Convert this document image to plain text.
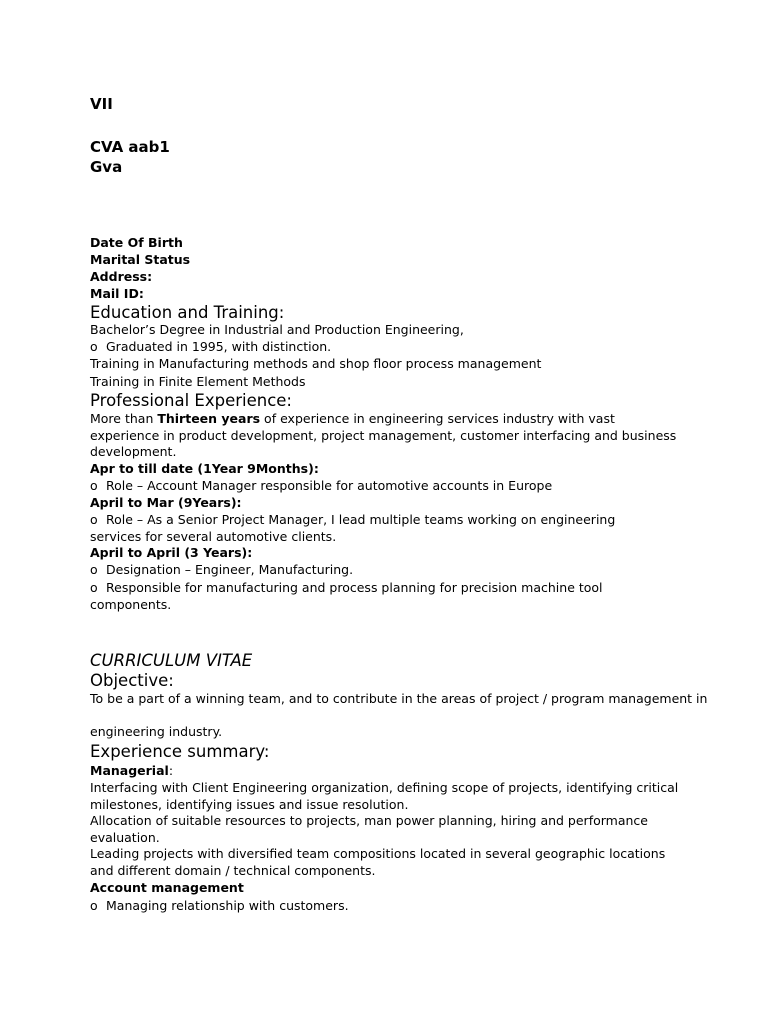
VII
CVA aab1
Gva
Date Of Birth
Marital Status
Address:
Mail ID:
Education and Training:
Bachelor’s Degree in Industrial and Production Engineering,
o Graduated in 1995, with distinction.
Training in Manufacturing methods and shop floor process management
Training in Finite Element Methods
Professional Experience:
More than Thirteen years of experience in engineering services industry with vast experience in product development, project management, customer interfacing and business development.
Apr to till date (1Year 9Months):
o Role – Account Manager responsible for automotive accounts in Europe
April to Mar (9Years):
o Role – As a Senior Project Manager, I lead multiple teams working on engineering services for several automotive clients.
April to April (3 Years):
o Designation – Engineer, Manufacturing.
o Responsible for manufacturing and process planning for precision machine tool components.
CURRICULUM VITAE
Objective:
To be a part of a winning team, and to contribute in the areas of project / program management in
engineering industry.
Experience summary:
Managerial:
Interfacing with Client Engineering organization, defining scope of projects, identifying critical milestones, identifying issues and issue resolution.
Allocation of suitable resources to projects, man power planning, hiring and performance evaluation.
Leading projects with diversified team compositions located in several geographic locations and different domain / technical components.
Account management
o Managing relationship with customers.
